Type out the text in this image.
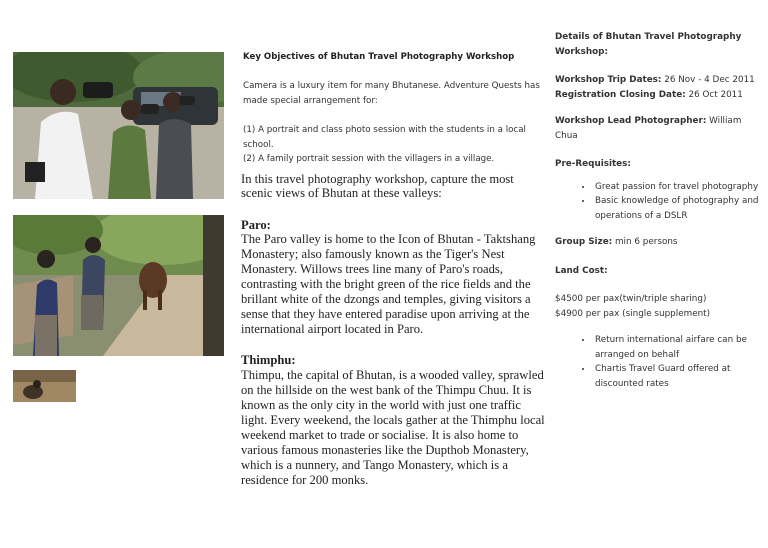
Key Objectives of Bhutan Travel Photography Workshop
Camera is a luxury item for many Bhutanese. Adventure Quests has made special arrangement for:
(1) A portrait and class photo session with the students in a local school.
(2) A family portrait session with the villagers in a village.
In this travel photography workshop, capture the most scenic views of Bhutan at these valleys:
Paro:
The Paro valley is home to the Icon of Bhutan - Taktshang Monastery; also famously known as the Tiger's Nest Monastery. Willows trees line many of Paro's roads, contrasting with the bright green of the rice fields and the brillant white of the dzongs and temples, giving visitors a sense that they have entered paradise upon arriving at the international airport located in Paro.
Thimphu:
Thimpu, the capital of Bhutan, is a wooded valley, sprawled on the hillside on the west bank of the Thimpu Chuu. It is known as the only city in the world with just one traffic light. Every weekend, the locals gather at the Thimphu local weekend market to trade or socialise. It is also home to various famous monasteries like the Dupthob Monastery, which is a nunnery, and Tango Monastery, which is a residence for 200 monks.
Details of Bhutan Travel Photography Workshop:
Workshop Trip Dates: 26 Nov - 4 Dec 2011
Registration Closing Date: 26 Oct 2011
Workshop Lead Photographer: William Chua
Pre-Requisites:
• Great passion for travel photography
• Basic knowledge of photography and operations of a DSLR
Group Size: min 6 persons
Land Cost:
$4500 per pax(twin/triple sharing)
$4900 per pax (single supplement)
• Return international airfare can be arranged on behalf
• Chartis Travel Guard offered at discounted rates
